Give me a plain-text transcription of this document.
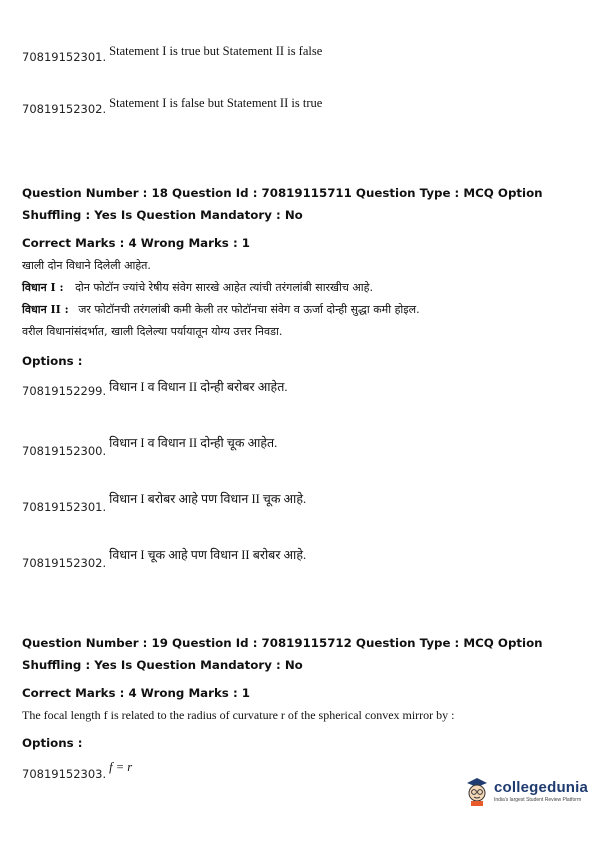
70819152301. Statement I is true but Statement II is false
70819152302. Statement I is false but Statement II is true
Question Number : 18 Question Id : 70819115711 Question Type : MCQ Option Shuffling : Yes Is Question Mandatory : No
Correct Marks : 4 Wrong Marks : 1
खाली दोन विधाने दिलेली आहेत.
विधान I : दोन फोटॉन ज्यांचे रेषीय संवेग सारखे आहेत त्यांची तरंगलांबी सारखीच आहे.
विधान II : जर फोटॉनची तरंगलांबी कमी केली तर फोटॉनचा संवेग व ऊर्जा दोन्ही सुद्धा कमी होइल.
वरील विधानांसंदर्भात, खाली दिलेल्या पर्यायातून योग्य उत्तर निवडा.
Options :
70819152299. विधान I व विधान II दोन्ही बरोबर आहेत.
70819152300.
विधान I व विधान II दोन्ही चूक आहेत.
70819152301.
विधान I बरोबर आहे पण विधान II चूक आहे.
70819152302.
विधान I चूक आहे पण विधान II बरोबर आहे.
Question Number : 19 Question Id : 70819115712 Question Type : MCQ Option Shuffling : Yes Is Question Mandatory : No
Correct Marks : 4 Wrong Marks : 1
The focal length f is related to the radius of curvature r of the spherical convex mirror by :
Options :
70819152303. f = r
collegedunia
India's largest Student Review Platform
